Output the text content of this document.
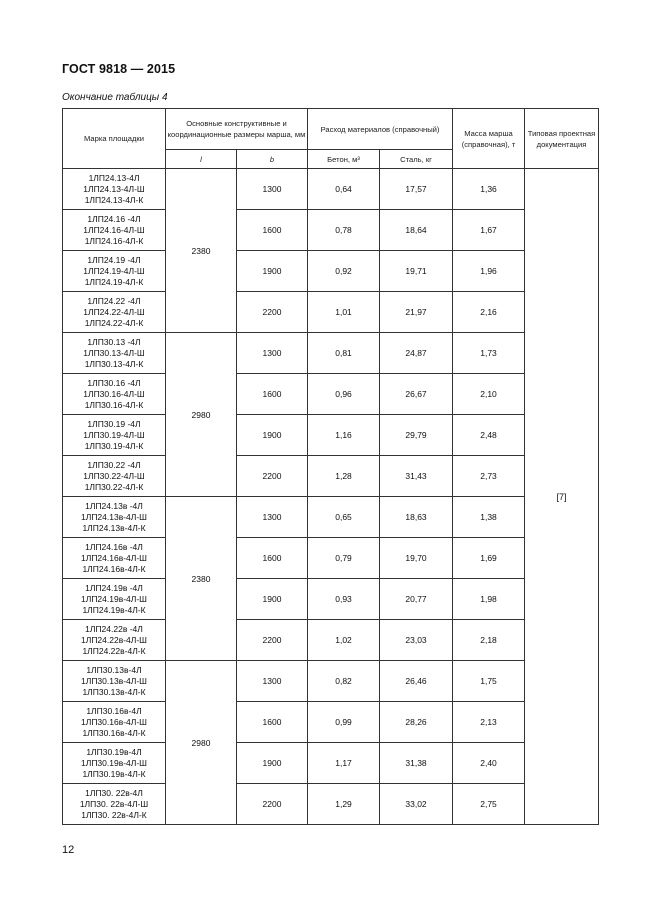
ГОСТ 9818 — 2015
Окончание таблицы 4
Марка площадки	Основные конструктивные и координационные размеры марша, мм		Расход материалов (справочный)		Масса марша (справочная), т	Типовая проектная документация
	l	b	Бетон, м³	Сталь, кг		

1ЛП24.13-4Л
1ЛП24.13-4Л-Ш
1ЛП24.13-4Л-К	2380	1300	0,64	17,57	1,36	[7]

1ЛП24.16 -4Л
1ЛП24.16-4Л-Ш
1ЛП24.16-4Л-К		1600	0,78	18,64	1,67	

1ЛП24.19 -4Л
1ЛП24.19-4Л-Ш
1ЛП24.19-4Л-К		1900	0,92	19,71	1,96	

1ЛП24.22 -4Л
1ЛП24.22-4Л-Ш
1ЛП24.22-4Л-К		2200	1,01	21,97	2,16	

1ЛП30.13 -4Л
1ЛП30.13-4Л-Ш
1ЛП30.13-4Л-К	2980	1300	0,81	24,87	1,73	

1ЛП30.16 -4Л
1ЛП30.16-4Л-Ш
1ЛП30.16-4Л-К		1600	0,96	26,67	2,10	

1ЛП30.19 -4Л
1ЛП30.19-4Л-Ш
1ЛП30.19-4Л-К		1900	1,16	29,79	2,48	

1ЛП30.22 -4Л
1ЛП30.22-4Л-Ш
1ЛП30.22-4Л-К		2200	1,28	31,43	2,73	

1ЛП24.13в -4Л
1ЛП24.13в-4Л-Ш
1ЛП24.13в-4Л-К	2380	1300	0,65	18,63	1,38	

1ЛП24.16в -4Л
1ЛП24.16в-4Л-Ш
1ЛП24.16в-4Л-К		1600	0,79	19,70	1,69	

1ЛП24.19в -4Л
1ЛП24.19в-4Л-Ш
1ЛП24.19в-4Л-К		1900	0,93	20,77	1,98	

1ЛП24.22в -4Л
1ЛП24.22в-4Л-Ш
1ЛП24.22в-4Л-К		2200	1,02	23,03	2,18	

1ЛП30.13в-4Л
1ЛП30.13в-4Л-Ш
1ЛП30.13в-4Л-К	2980	1300	0,82	26,46	1,75	

1ЛП30.16в-4Л
1ЛП30.16в-4Л-Ш
1ЛП30.16в-4Л-К		1600	0,99	28,26	2,13	

1ЛП30.19в-4Л
1ЛП30.19в-4Л-Ш
1ЛП30.19в-4Л-К		1900	1,17	31,38	2,40	

1ЛП30. 22в-4Л
1ЛП30. 22в-4Л-Ш
1ЛП30. 22в-4Л-К		2200	1,29	33,02	2,75	
12
